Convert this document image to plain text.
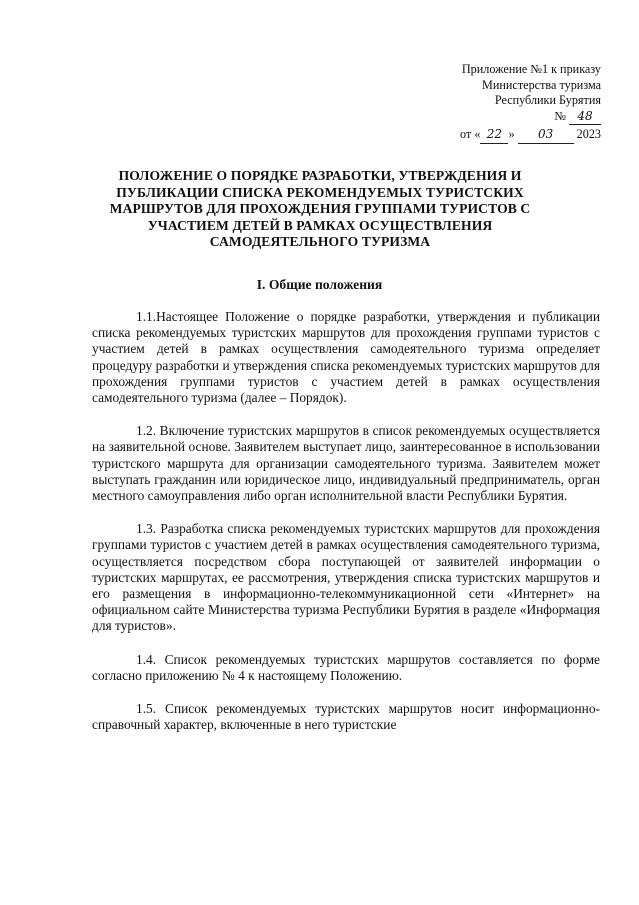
Приложение №1 к приказу
Министерства туризма
Республики Бурятия
№ 48
от « 22 » 03 2023
ПОЛОЖЕНИЕ О ПОРЯДКЕ РАЗРАБОТКИ, УТВЕРЖДЕНИЯ И ПУБЛИКАЦИИ СПИСКА РЕКОМЕНДУЕМЫХ ТУРИСТСКИХ МАРШРУТОВ ДЛЯ ПРОХОЖДЕНИЯ ГРУППАМИ ТУРИСТОВ С УЧАСТИЕМ ДЕТЕЙ В РАМКАХ ОСУЩЕСТВЛЕНИЯ САМОДЕЯТЕЛЬНОГО ТУРИЗМА
I. Общие положения

1.1.Настоящее Положение о порядке разработки, утверждения и публикации списка рекомендуемых туристских маршрутов для прохождения группами туристов с участием детей в рамках осуществления самодеятельного туризма определяет процедуру разработки и утверждения списка рекомендуемых туристских маршрутов для прохождения группами туристов с участием детей в рамках осуществления самодеятельного туризма (далее – Порядок).

1.2. Включение туристских маршрутов в список рекомендуемых осуществляется на заявительной основе. Заявителем выступает лицо, заинтересованное в использовании туристского маршрута для организации самодеятельного туризма. Заявителем может выступать гражданин или юридическое лицо, индивидуальный предприниматель, орган местного самоуправления либо орган исполнительной власти Республики Бурятия.

1.3. Разработка списка рекомендуемых туристских маршрутов для прохождения группами туристов с участием детей в рамках осуществления самодеятельного туризма, осуществляется посредством сбора поступающей от заявителей информации о туристских маршрутах, ее рассмотрения, утверждения списка туристских маршрутов и его размещения в информационно-телекоммуникационной сети «Интернет» на официальном сайте Министерства туризма Республики Бурятия в разделе «Информация для туристов».

1.4. Список рекомендуемых туристских маршрутов составляется по форме согласно приложению № 4 к настоящему Положению.

1.5. Список рекомендуемых туристских маршрутов носит информационно-справочный характер, включенные в него туристские
